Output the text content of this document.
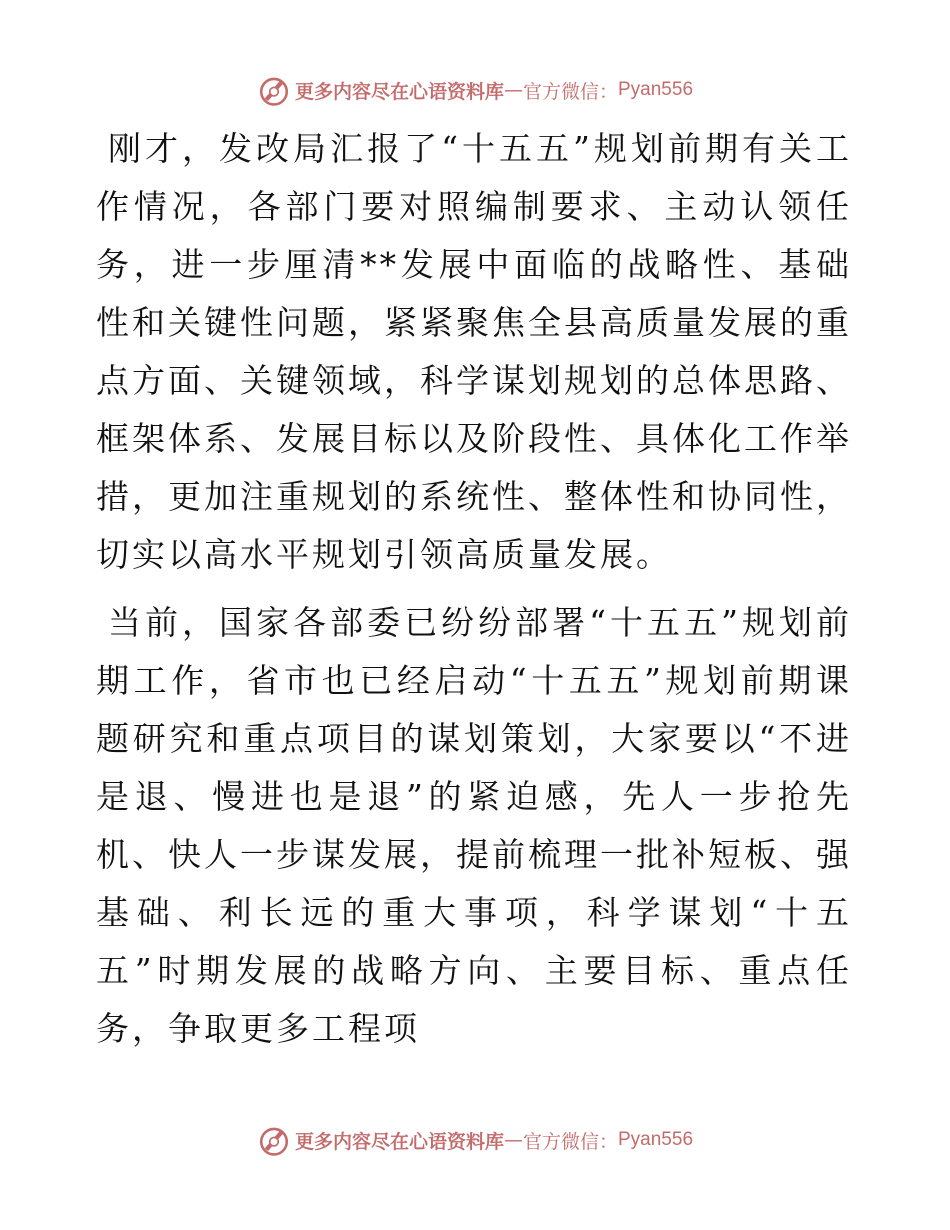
更多内容尽在心语资料库 — 官方微信： Pyan556

刚才，发改局汇报了“十五五”规划前期有关工作情况，各部门要对照编制要求、主动认领任务，进一步厘清**发展中面临的战略性、基础性和关键性问题，紧紧聚焦全县高质量发展的重点方面、关键领域，科学谋划规划的总体思路、框架体系、发展目标以及阶段性、具体化工作举措，更加注重规划的系统性、整体性和协同性，切实以高水平规划引领高质量发展。

当前，国家各部委已纷纷部署“十五五”规划前期工作，省市也已经启动“十五五”规划前期课题研究和重点项目的谋划策划，大家要以“不进是退、慢进也是退”的紧迫感，先人一步抢先机、快人一步谋发展，提前梳理一批补短板、强基础、利长远的重大事项，科学谋划“十五五”时期发展的战略方向、主要目标、重点任务，争取更多工程项

更多内容尽在心语资料库 — 官方微信： Pyan556
